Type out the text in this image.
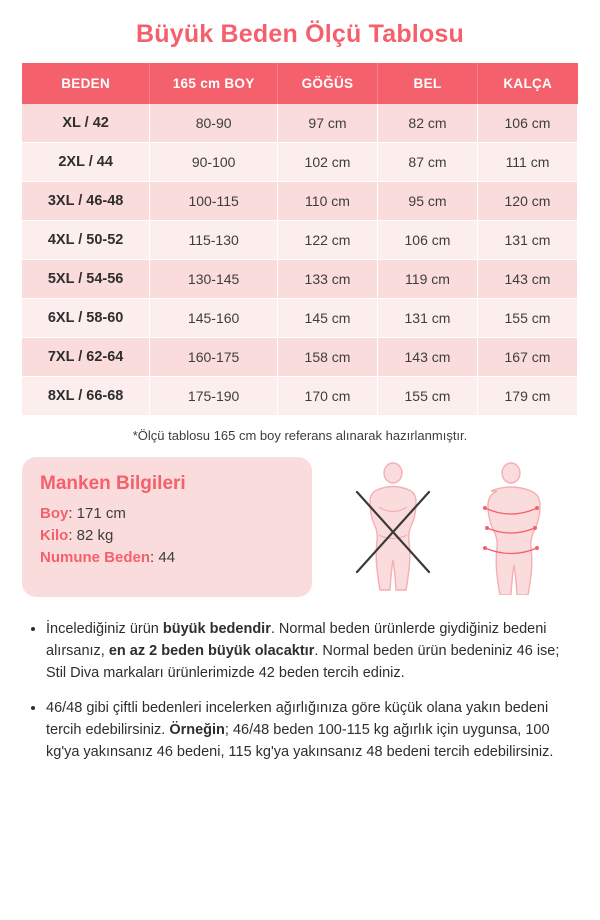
Büyük Beden Ölçü Tablosu
BEDEN	165 cm BOY	GÖĞÜS	BEL	KALÇA
XL / 42	80-90	97 cm	82 cm	106 cm
2XL / 44	90-100	102 cm	87 cm	111 cm
3XL / 46-48	100-115	110 cm	95 cm	120 cm
4XL / 50-52	115-130	122 cm	106 cm	131 cm
5XL / 54-56	130-145	133 cm	119 cm	143 cm
6XL / 58-60	145-160	145 cm	131 cm	155 cm
7XL / 62-64	160-175	158 cm	143 cm	167 cm
8XL / 66-68	175-190	170 cm	155 cm	179 cm
*Ölçü tablosu 165 cm boy referans alınarak hazırlanmıştır.
Manken Bilgileri
Boy: 171 cm
Kilo: 82 kg
Numune Beden: 44
• İncelediğiniz ürün büyük bedendir. Normal beden ürünlerde giydiğiniz bedeni alırsanız, en az 2 beden büyük olacaktır. Normal beden ürün bedeniniz 46 ise; Stil Diva markaları ürünlerimizde 42 beden tercih ediniz.
• 46/48 gibi çiftli bedenleri incelerken ağırlığınıza göre küçük olana yakın bedeni tercih edebilirsiniz. Örneğin; 46/48 beden 100-115 kg ağırlık için uygunsa, 100 kg'ya yakınsanız 46 bedeni, 115 kg'ya yakınsanız 48 bedeni tercih edebilirsiniz.
